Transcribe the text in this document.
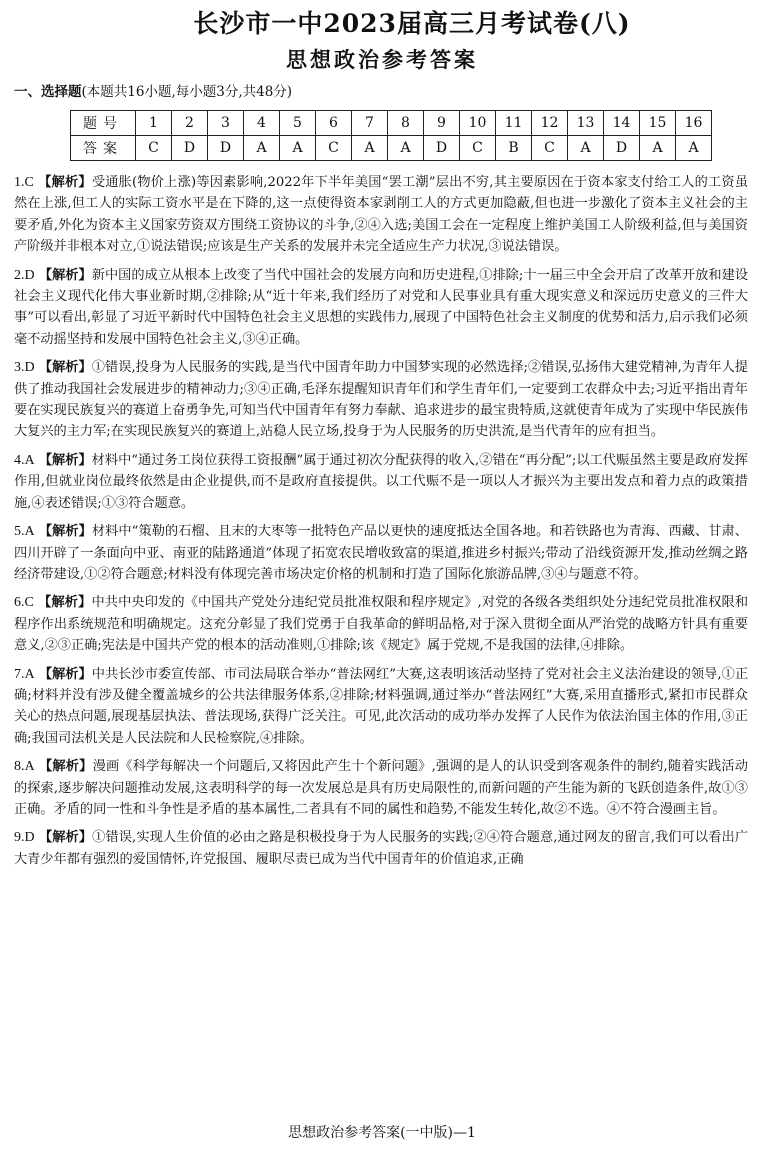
长沙市一中2023届高三月考试卷(八)
思想政治参考答案
一、选择题(本题共16小题,每小题3分,共48分)
题号	1	2	3	4	5	6	7	8	9	10	11	12	13	14	15	16
答案	C	D	D	A	A	C	A	A	D	C	B	C	A	D	A	A
1.C 【解析】受通胀(物价上涨)等因素影响,2022年下半年美国“罢工潮”层出不穷,其主要原因在于资本家支付给工人的工资虽然在上涨,但工人的实际工资水平是在下降的,这一点使得资本家剥削工人的方式更加隐蔽,但也进一步激化了资本主义社会的主要矛盾,外化为资本主义国家劳资双方围绕工资协议的斗争,②④入选;美国工会在一定程度上维护美国工人阶级利益,但与美国资产阶级并非根本对立,①说法错误;应该是生产关系的发展并未完全适应生产力状况,③说法错误。
2.D 【解析】新中国的成立从根本上改变了当代中国社会的发展方向和历史进程,①排除;十一届三中全会开启了改革开放和建设社会主义现代化伟大事业新时期,②排除;从“近十年来,我们经历了对党和人民事业具有重大现实意义和深远历史意义的三件大事”可以看出,彰显了习近平新时代中国特色社会主义思想的实践伟力,展现了中国特色社会主义制度的优势和活力,启示我们必须毫不动摇坚持和发展中国特色社会主义,③④正确。
3.D 【解析】①错误,投身为人民服务的实践,是当代中国青年助力中国梦实现的必然选择;②错误,弘扬伟大建党精神,为青年人提供了推动我国社会发展进步的精神动力;③④正确,毛泽东提醒知识青年们和学生青年们,一定要到工农群众中去;习近平指出青年要在实现民族复兴的赛道上奋勇争先,可知当代中国青年有努力奉献、追求进步的最宝贵特质,这就使青年成为了实现中华民族伟大复兴的主力军;在实现民族复兴的赛道上,站稳人民立场,投身于为人民服务的历史洪流,是当代青年的应有担当。
4.A 【解析】材料中“通过务工岗位获得工资报酬”属于通过初次分配获得的收入,②错在“再分配”;以工代赈虽然主要是政府发挥作用,但就业岗位最终依然是由企业提供,而不是政府直接提供。以工代赈不是一项以人才振兴为主要出发点和着力点的政策措施,④表述错误;①③符合题意。
5.A 【解析】材料中“策勒的石榴、且末的大枣等一批特色产品以更快的速度抵达全国各地。和若铁路也为青海、西藏、甘肃、四川开辟了一条面向中亚、南亚的陆路通道”体现了拓宽农民增收致富的渠道,推进乡村振兴;带动了沿线资源开发,推动丝绸之路经济带建设,①②符合题意;材料没有体现完善市场决定价格的机制和打造了国际化旅游品牌,③④与题意不符。
6.C 【解析】中共中央印发的《中国共产党处分违纪党员批准权限和程序规定》,对党的各级各类组织处分违纪党员批准权限和程序作出系统规范和明确规定。这充分彰显了我们党勇于自我革命的鲜明品格,对于深入贯彻全面从严治党的战略方针具有重要意义,②③正确;宪法是中国共产党的根本的活动准则,①排除;该《规定》属于党规,不是我国的法律,④排除。
7.A 【解析】中共长沙市委宣传部、市司法局联合举办“普法网红”大赛,这表明该活动坚持了党对社会主义法治建设的领导,①正确;材料并没有涉及健全覆盖城乡的公共法律服务体系,②排除;材料强调,通过举办“普法网红”大赛,采用直播形式,紧扣市民群众关心的热点问题,展现基层执法、普法现场,获得广泛关注。可见,此次活动的成功举办发挥了人民作为依法治国主体的作用,③正确;我国司法机关是人民法院和人民检察院,④排除。
8.A 【解析】漫画《科学每解决一个问题后,又将因此产生十个新问题》,强调的是人的认识受到客观条件的制约,随着实践活动的探索,逐步解决问题推动发展,这表明科学的每一次发展总是具有历史局限性的,而新问题的产生能为新的飞跃创造条件,故①③正确。矛盾的同一性和斗争性是矛盾的基本属性,二者具有不同的属性和趋势,不能发生转化,故②不选。④不符合漫画主旨。
9.D 【解析】①错误,实现人生价值的必由之路是积极投身于为人民服务的实践;②④符合题意,通过网友的留言,我们可以看出广大青少年都有强烈的爱国情怀,许党报国、履职尽责已成为当代中国青年的价值追求,正确
思想政治参考答案(一中版)—1
